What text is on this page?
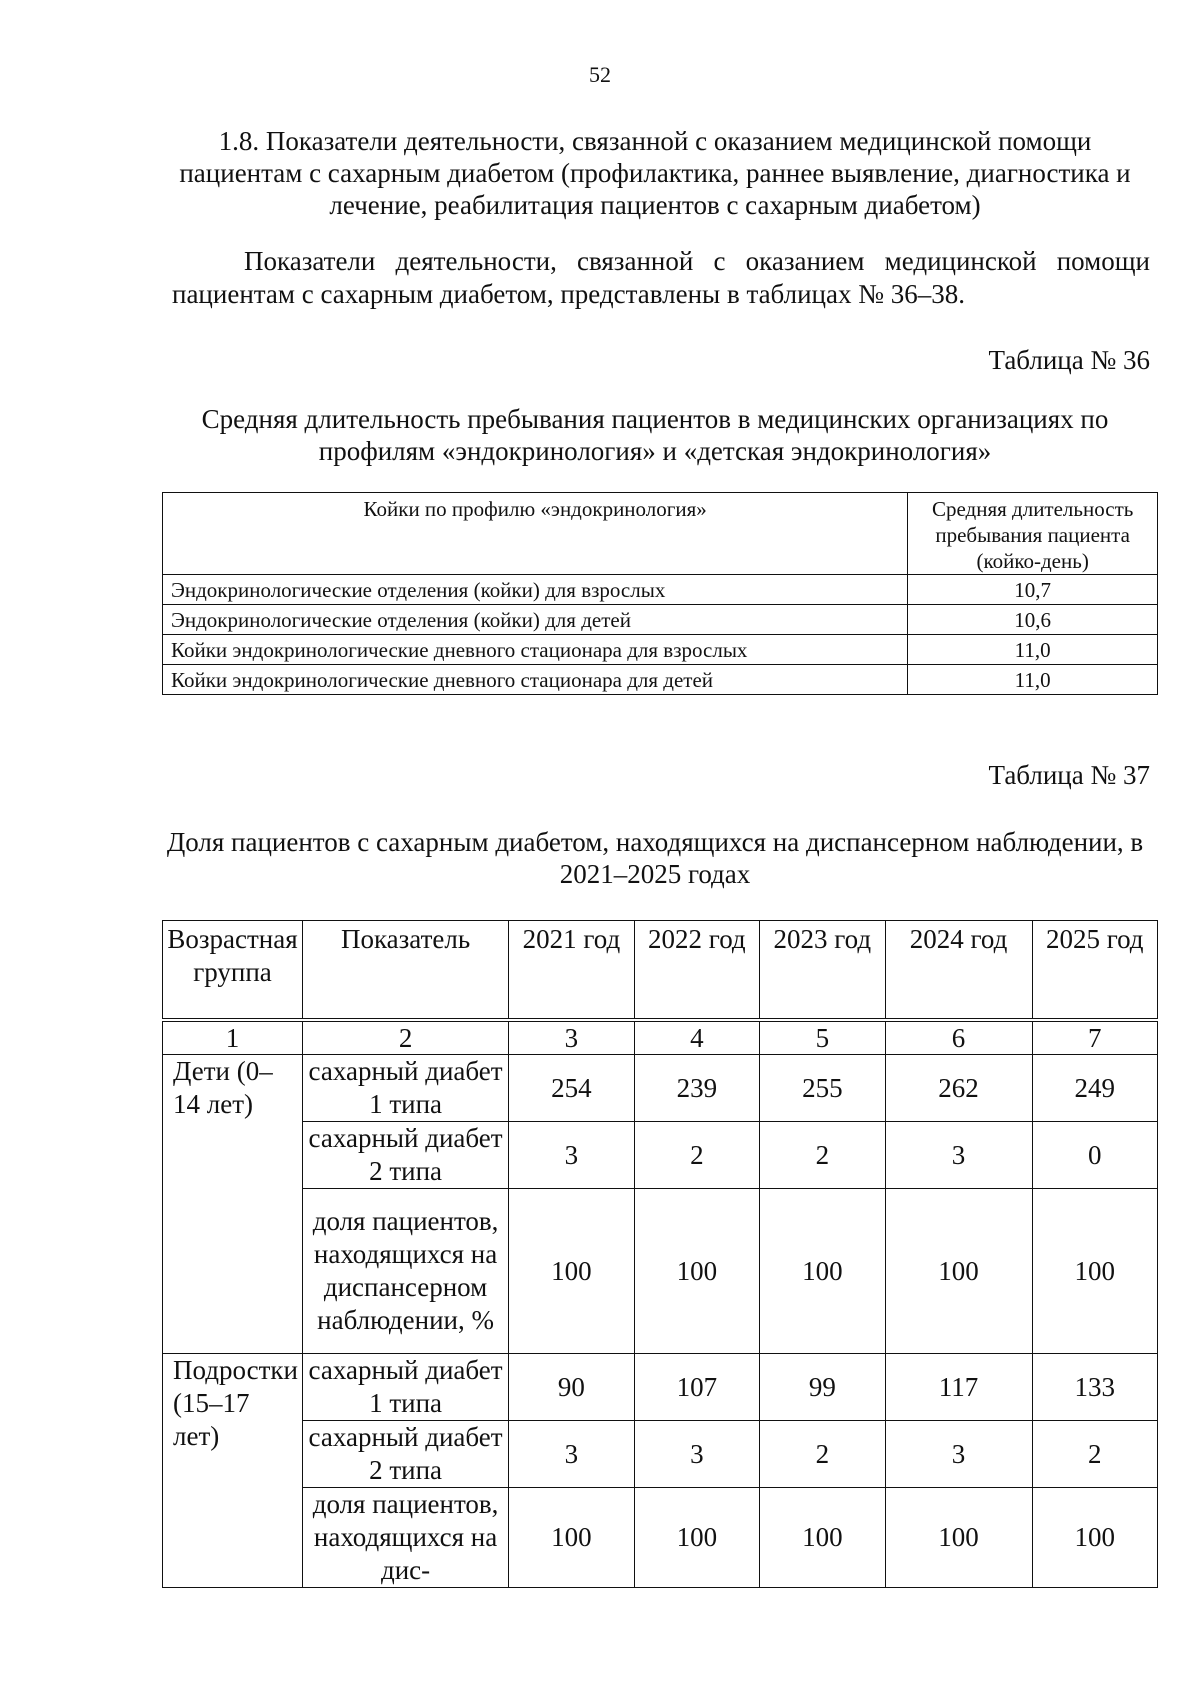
52
1.8. Показатели деятельности, связанной с оказанием медицинской помощи пациентам с сахарным диабетом (профилактика, раннее выявление, диагностика и лечение, реабилитация пациентов с сахарным диабетом)
Показатели деятельности, связанной с оказанием медицинской помощи пациентам с сахарным диабетом, представлены в таблицах № 36–38.
Таблица № 36
Средняя длительность пребывания пациентов в медицинских организациях по профилям «эндокринология» и «детская эндокринология»
Койки по профилю «эндокринология»	Средняя длительность пребывания пациента (койко-день)
Эндокринологические отделения (койки) для взрослых	10,7
Эндокринологические отделения (койки) для детей	10,6
Койки эндокринологические дневного стационара для взрослых	11,0
Койки эндокринологические дневного стационара для детей	11,0
Таблица № 37
Доля пациентов с сахарным диабетом, находящихся на диспансерном наблюдении, в 2021–2025 годах
Возрастная группа	Показатель	2021 год	2022 год	2023 год	2024 год	2025 год
1	2	3	4	5	6	7
Дети (0–14 лет)	сахарный диабет 1 типа	254	239	255	262	249
	сахарный диабет 2 типа	3	2	2	3	0
	доля пациентов, находящихся на диспансерном наблюдении, %	100	100	100	100	100
Подростки (15–17 лет)	сахарный диабет 1 типа	90	107	99	117	133
	сахарный диабет 2 типа	3	3	2	3	2
	доля пациентов, находящихся на дис-	100	100	100	100	100
